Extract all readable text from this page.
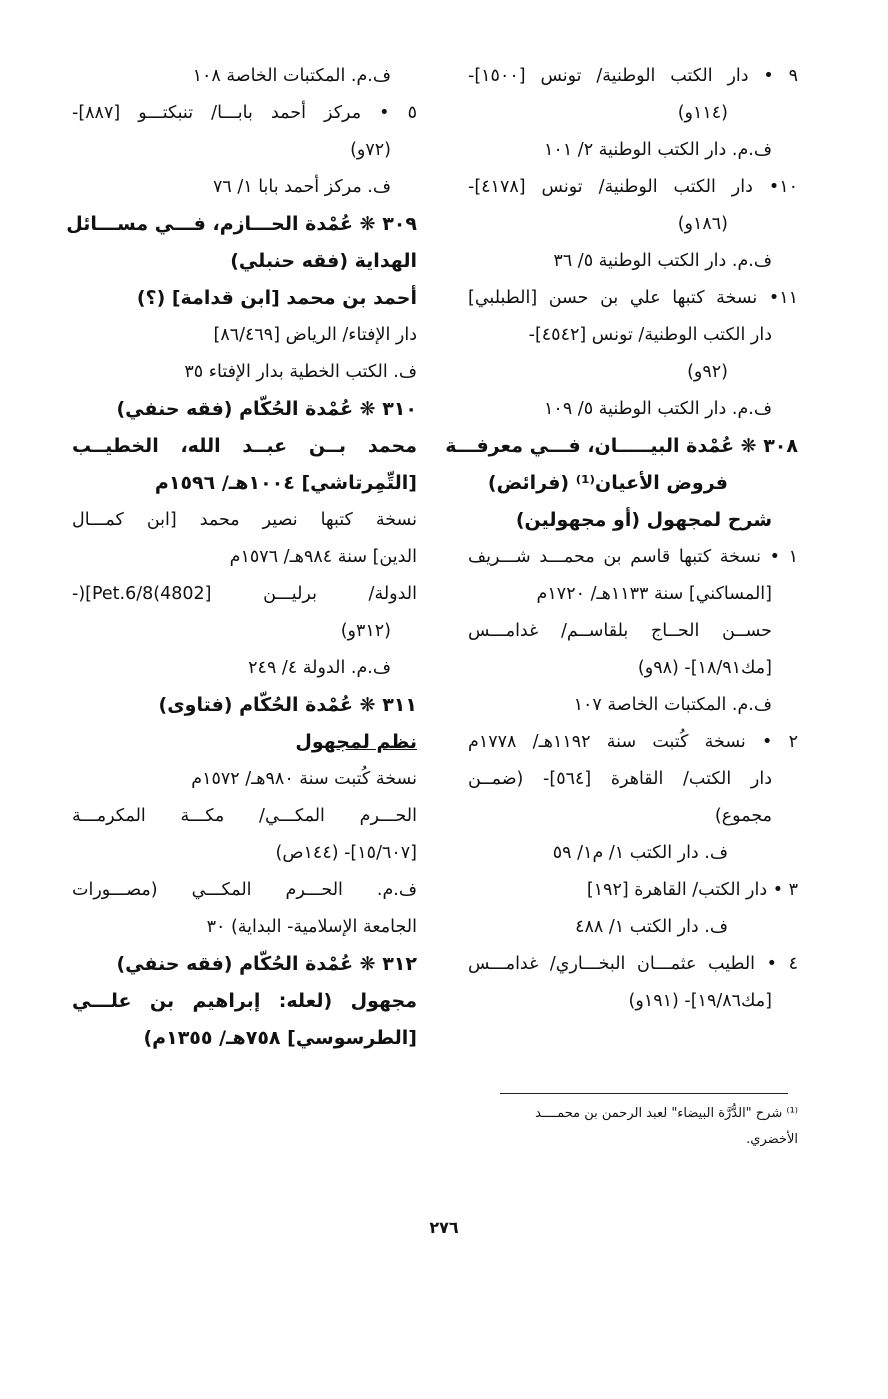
٩ • دار الكتب الوطنية/ تونس [١٥٠٠]-
(١١٤و)
ف.م. دار الكتب الوطنية ٢/ ١٠١
١٠• دار الكتب الوطنية/ تونس [٤١٧٨]-
(١٨٦و)
ف.م. دار الكتب الوطنية ٥/ ٣٦
١١• نسخة كتبها علي بن حسن [الطبلبي]
دار الكتب الوطنية/ تونس [٤٥٤٢]-
(٩٢و)
ف.م. دار الكتب الوطنية ٥/ ١٠٩
٣٠٨ ❋ عُمْدة البيـــــان، فـــي معرفـــة
فروض الأعيان⁽¹⁾ (فرائض)
شرح لمجهول (أو مجهولين)
١ • نسخة كتبها قاسم بن محمـــد شـــريف
[المساكني] سنة ١١٣٣هـ/ ١٧٢٠م
حســن الحــاج بلقاســم/ غدامـــس
[مك١٨/٩١]- (٩٨و)
ف.م. المكتبات الخاصة ١٠٧
٢ • نسخة كُتبت سنة ١١٩٢هـ/ ١٧٧٨م
دار الكتب/ القاهرة [٥٦٤]- (ضمــن
مجموع)
ف. دار الكتب ١/ م١/ ٥٩
٣ • دار الكتب/ القاهرة [١٩٢]
ف. دار الكتب ١/ ٤٨٨
٤ • الطيب عثمـــان البخـــاري/ غدامـــس
[مك١٩/٨٦]- (١٩١و)
ف.م. المكتبات الخاصة ١٠٨
٥ • مركز أحمد بابـــا/ تنبكتـــو [٨٨٧]-
(٧٢و)
ف. مركز أحمد بابا ١/ ٧٦
٣٠٩ ❋ عُمْدة الحـــازم، فـــي مســـائل
الهداية (فقه حنبلي)
أحمد بن محمد [ابن قدامة] (؟)
دار الإفتاء/ الرياض [٨٦/٤٦٩]
ف. الكتب الخطية بدار الإفتاء ٣٥
٣١٠ ❋ عُمْدة الحُكّام (فقه حنفي)
محمد بــن عبــد الله، الخطيــب
[التِّمِرتاشي] ١٠٠٤هـ/ ١٥٩٦م
نسخة كتبها نصير محمد [ابن كمـــال
الدين] سنة ٩٨٤هـ/ ١٥٧٦م
الدولة/ برليـــن [4802)Pet.6/8](-
(٣١٢و)
ف.م. الدولة ٤/ ٢٤٩
٣١١ ❋ عُمْدة الحُكّام (فتاوى)
نظم لمجهول
نسخة كُتبت سنة ٩٨٠هـ/ ١٥٧٢م
الحـــرم المكـــي/ مكـــة المكرمـــة
[١٥/٦٠٧]- (١٤٤ص)
ف.م. الحـــرم المكـــي (مصـــورات
الجامعة الإسلامية- البداية) ٣٠
٣١٢ ❋ عُمْدة الحُكّام (فقه حنفي)
مجهول (لعله: إبراهيم بن علـــي
[الطرسوسي] ٧٥٨هـ/ ١٣٥٥م)
⁽¹⁾ شرح "الدُّرَّة البيضاء" لعبد الرحمن بن محمــــد
الأخضري.
٢٧٦
